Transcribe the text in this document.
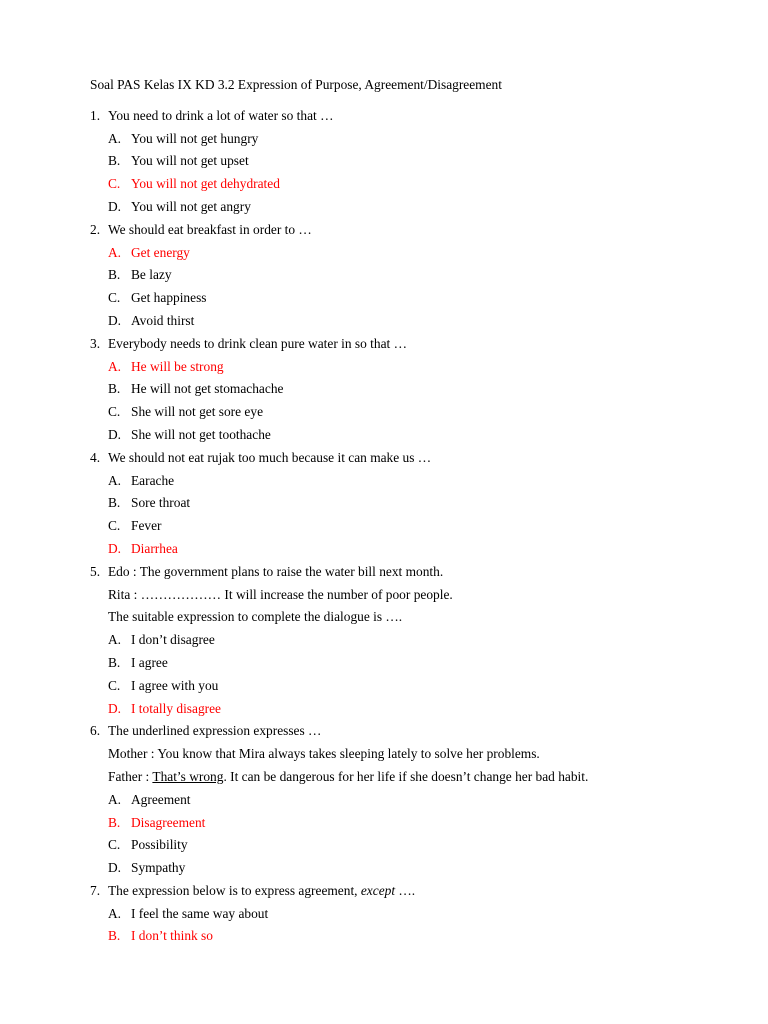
Soal PAS Kelas IX KD 3.2 Expression of Purpose, Agreement/Disagreement
1. You need to drink a lot of water so that …
A. You will not get hungry
B. You will not get upset
C. You will not get dehydrated
D. You will not get angry
2. We should eat breakfast in order to …
A. Get energy
B. Be lazy
C. Get happiness
D. Avoid thirst
3. Everybody needs to drink clean pure water in so that …
A. He will be strong
B. He will not get stomachache
C. She will not get sore eye
D. She will not get toothache
4. We should not eat rujak too much because it can make us …
A. Earache
B. Sore throat
C. Fever
D. Diarrhea
5. Edo : The government plans to raise the water bill next month.
Rita : ……………… It will increase the number of poor people.
The suitable expression to complete the dialogue is ….
A. I don’t disagree
B. I agree
C. I agree with you
D. I totally disagree
6. The underlined expression expresses …
Mother : You know that Mira always takes sleeping lately to solve her problems.
Father : That’s wrong. It can be dangerous for her life if she doesn’t change her bad habit.
A. Agreement
B. Disagreement
C. Possibility
D. Sympathy
7. The expression below is to express agreement, except ….
A. I feel the same way about
B. I don’t think so
